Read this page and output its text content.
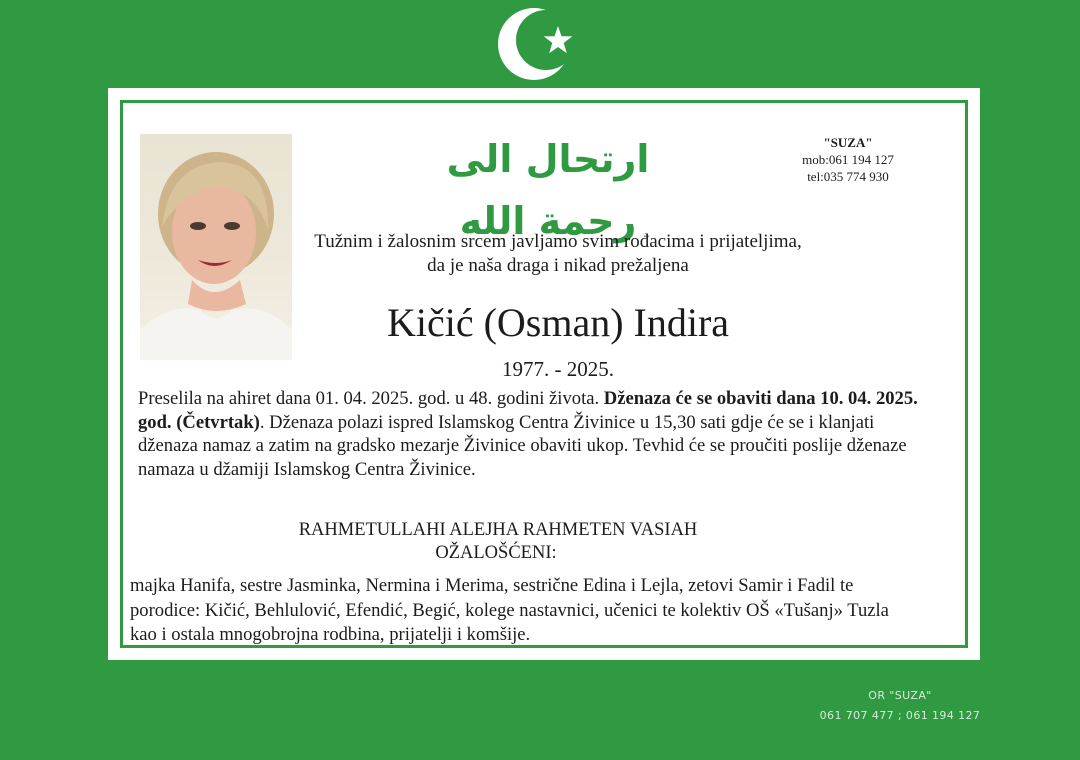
ارتحال الى رحمة الله
"SUZA"
mob:061 194 127
tel:035 774 930
Tužnim i žalosnim srcem javljamo svim rođacima i prijateljima,
da je naša draga i nikad prežaljena
Kičić (Osman) Indira
1977. - 2025.
Preselila na ahiret dana 01. 04. 2025. god. u 48. godini života. Dženaza će se obaviti dana 10. 04. 2025. god. (Četvrtak). Dženaza polazi ispred Islamskog Centra Živinice u 15,30 sati gdje će se i klanjati dženaza namaz a zatim na gradsko mezarje Živinice obaviti ukop. Tevhid će se proučiti poslije dženaze namaza u džamiji Islamskog Centra Živinice.
RAHMETULLAHI ALEJHA RAHMETEN VASIAH
OŽALOŠĆENI:
majka Hanifa, sestre Jasminka, Nermina i Merima, sestrične Edina i Lejla, zetovi Samir i Fadil te porodice: Kičić, Behlulović, Efendić, Begić, kolege nastavnici, učenici te kolektiv OŠ «Tušanj» Tuzla kao i ostala mnogobrojna rodbina, prijatelji i komšije.
OR "SUZA"
061 707 477 ; 061 194 127
